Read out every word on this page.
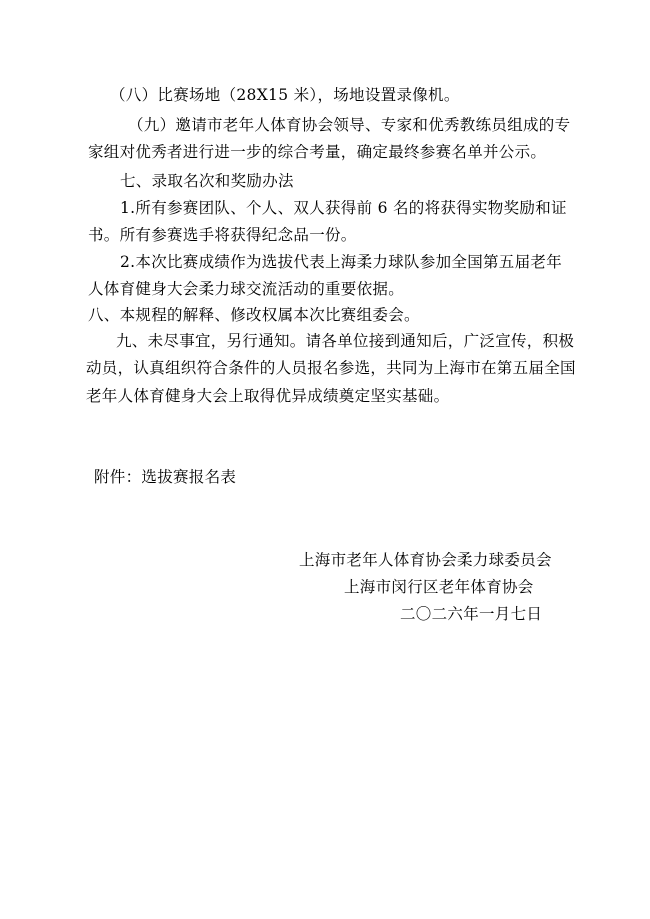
（八）比赛场地（28X15 米），场地设置录像机。
（九）邀请市老年人体育协会领导、专家和优秀教练员组成的专
家组对优秀者进行进一步的综合考量，确定最终参赛名单并公示。
七、录取名次和奖励办法
1.所有参赛团队、个人、双人获得前 6 名的将获得实物奖励和证
书。所有参赛选手将获得纪念品一份。
2.本次比赛成绩作为选拔代表上海柔力球队参加全国第五届老年
人体育健身大会柔力球交流活动的重要依据。
八、本规程的解释、修改权属本次比赛组委会。
九、未尽事宜，另行通知。请各单位接到通知后，广泛宣传，积极
动员，认真组织符合条件的人员报名参选，共同为上海市在第五届全国
老年人体育健身大会上取得优异成绩奠定坚实基础。
附件：选拔赛报名表
上海市老年人体育协会柔力球委员会
上海市闵行区老年体育协会
二〇二六年一月七日
